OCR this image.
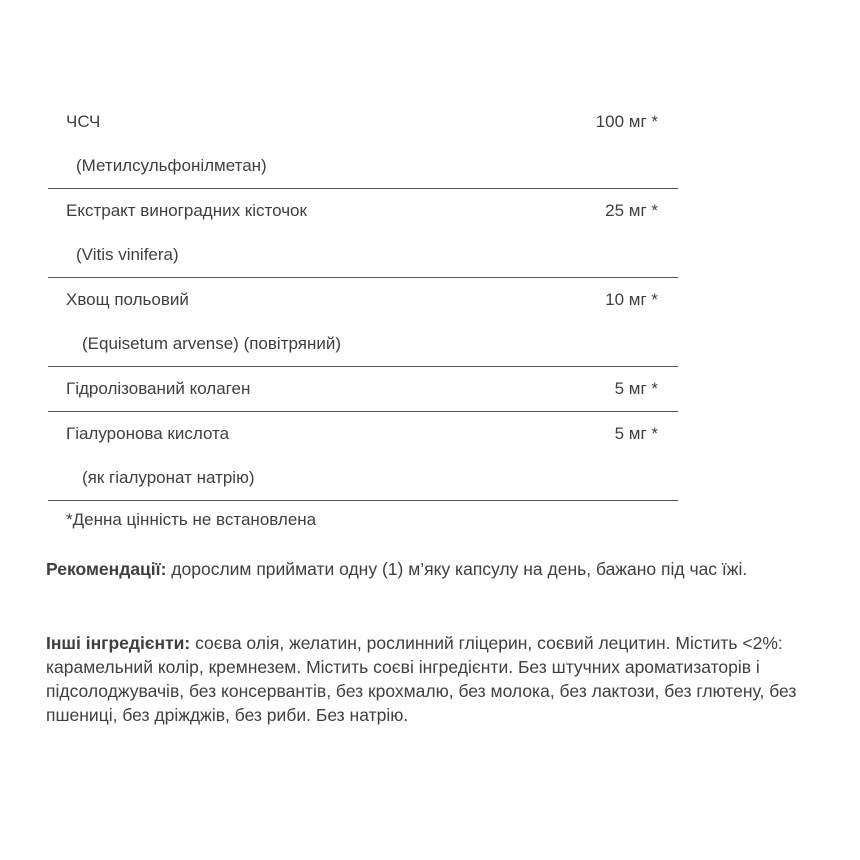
ЧСЧ	100 мг *
(Метилсульфонілметан)
Екстракт виноградних кісточок	25 мг *
(Vitis vinifera)
Хвощ польовий	10 мг *
(Equisetum arvense) (повітряний)
Гідролізований колаген	5 мг *
Гіалуронова кислота	5 мг *
(як гіалуронат натрію)
*Денна цінність не встановлена
Рекомендації: дорослим приймати одну (1) м’яку капсулу на день, бажано під час їжі.
Інші інгредієнти: соєва олія, желатин, рослинний гліцерин, соєвий лецитин. Містить <2%: карамельний колір, кремнезем. Містить соєві інгредієнти. Без штучних ароматизаторів і підсолоджувачів, без консервантів, без крохмалю, без молока, без лактози, без глютену, без пшениці, без дріжджів, без риби. Без натрію.
